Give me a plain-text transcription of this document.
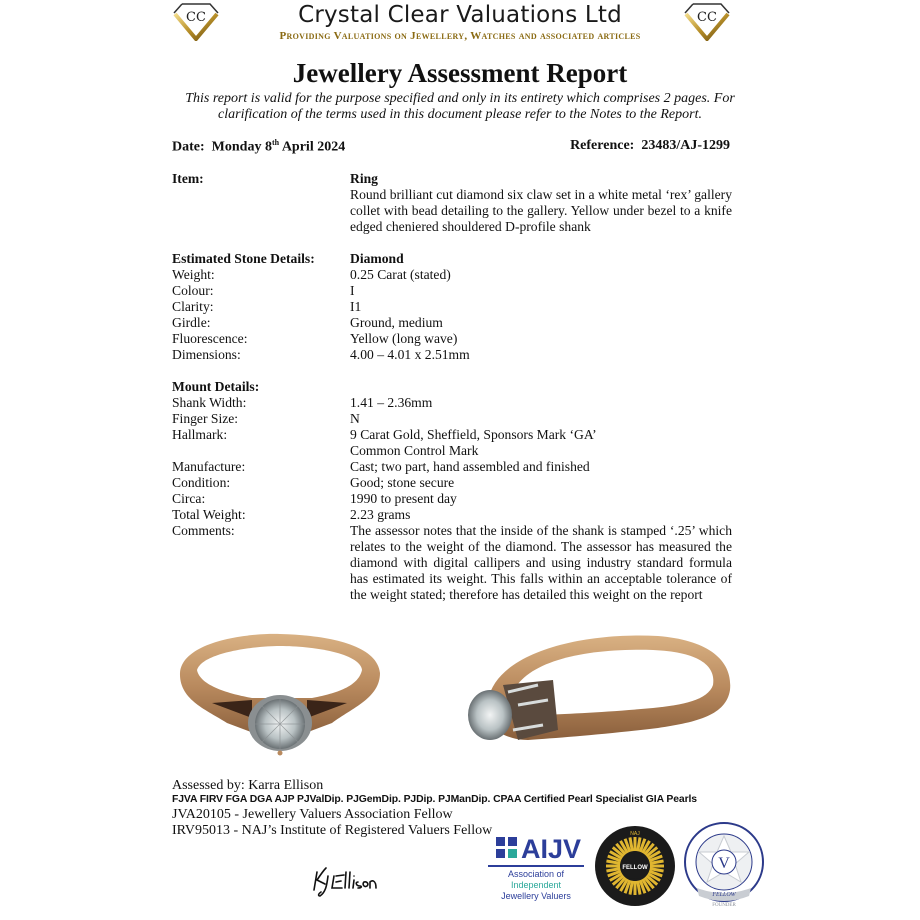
CC	CC
Crystal Clear Valuations Ltd
Providing Valuations on Jewellery, Watches and associated articles
Jewellery Assessment Report
This report is valid for the purpose specified and only in its entirety which comprises 2 pages. For
clarification of the terms used in this document please refer to the Notes to the Report.
Date: Monday 8th April 2024	Reference: 23483/AJ-1299
Item:	Ring
Round brilliant cut diamond six claw set in a white metal ‘rex’ gallery collet with bead detailing to the gallery. Yellow under bezel to a knife edged cheniered shouldered D-profile shank
Estimated Stone Details:	Diamond
Weight:	0.25 Carat (stated)
Colour:	I
Clarity:	I1
Girdle:	Ground, medium
Fluorescence:	Yellow (long wave)
Dimensions:	4.00 – 4.01 x 2.51mm
Mount Details:
Shank Width:	1.41 – 2.36mm
Finger Size:	N
Hallmark:	9 Carat Gold, Sheffield, Sponsors Mark ‘GA’
Common Control Mark
Manufacture:	Cast; two part, hand assembled and finished
Condition:	Good; stone secure
Circa:	1990 to present day
Total Weight:	2.23 grams
Comments:	The assessor notes that the inside of the shank is stamped ‘.25’ which relates to the weight of the diamond. The assessor has measured the diamond with digital callipers and using industry standard formula has estimated its weight. This falls within an acceptable tolerance of the weight stated; therefore has detailed this weight on the report
Assessed by: Karra Ellison
FJVA FIRV FGA DGA AJP PJValDip. PJGemDip. PJDip. PJManDip. CPAA Certified Pearl Specialist GIA Pearls
JVA20105 - Jewellery Valuers Association Fellow
IRV95013 - NAJ’s Institute of Registered Valuers Fellow
AIJV
Association of
Independent
Jewellery Valuers
FELLOW
NAJ
V
FELLOW
FOUNDER
